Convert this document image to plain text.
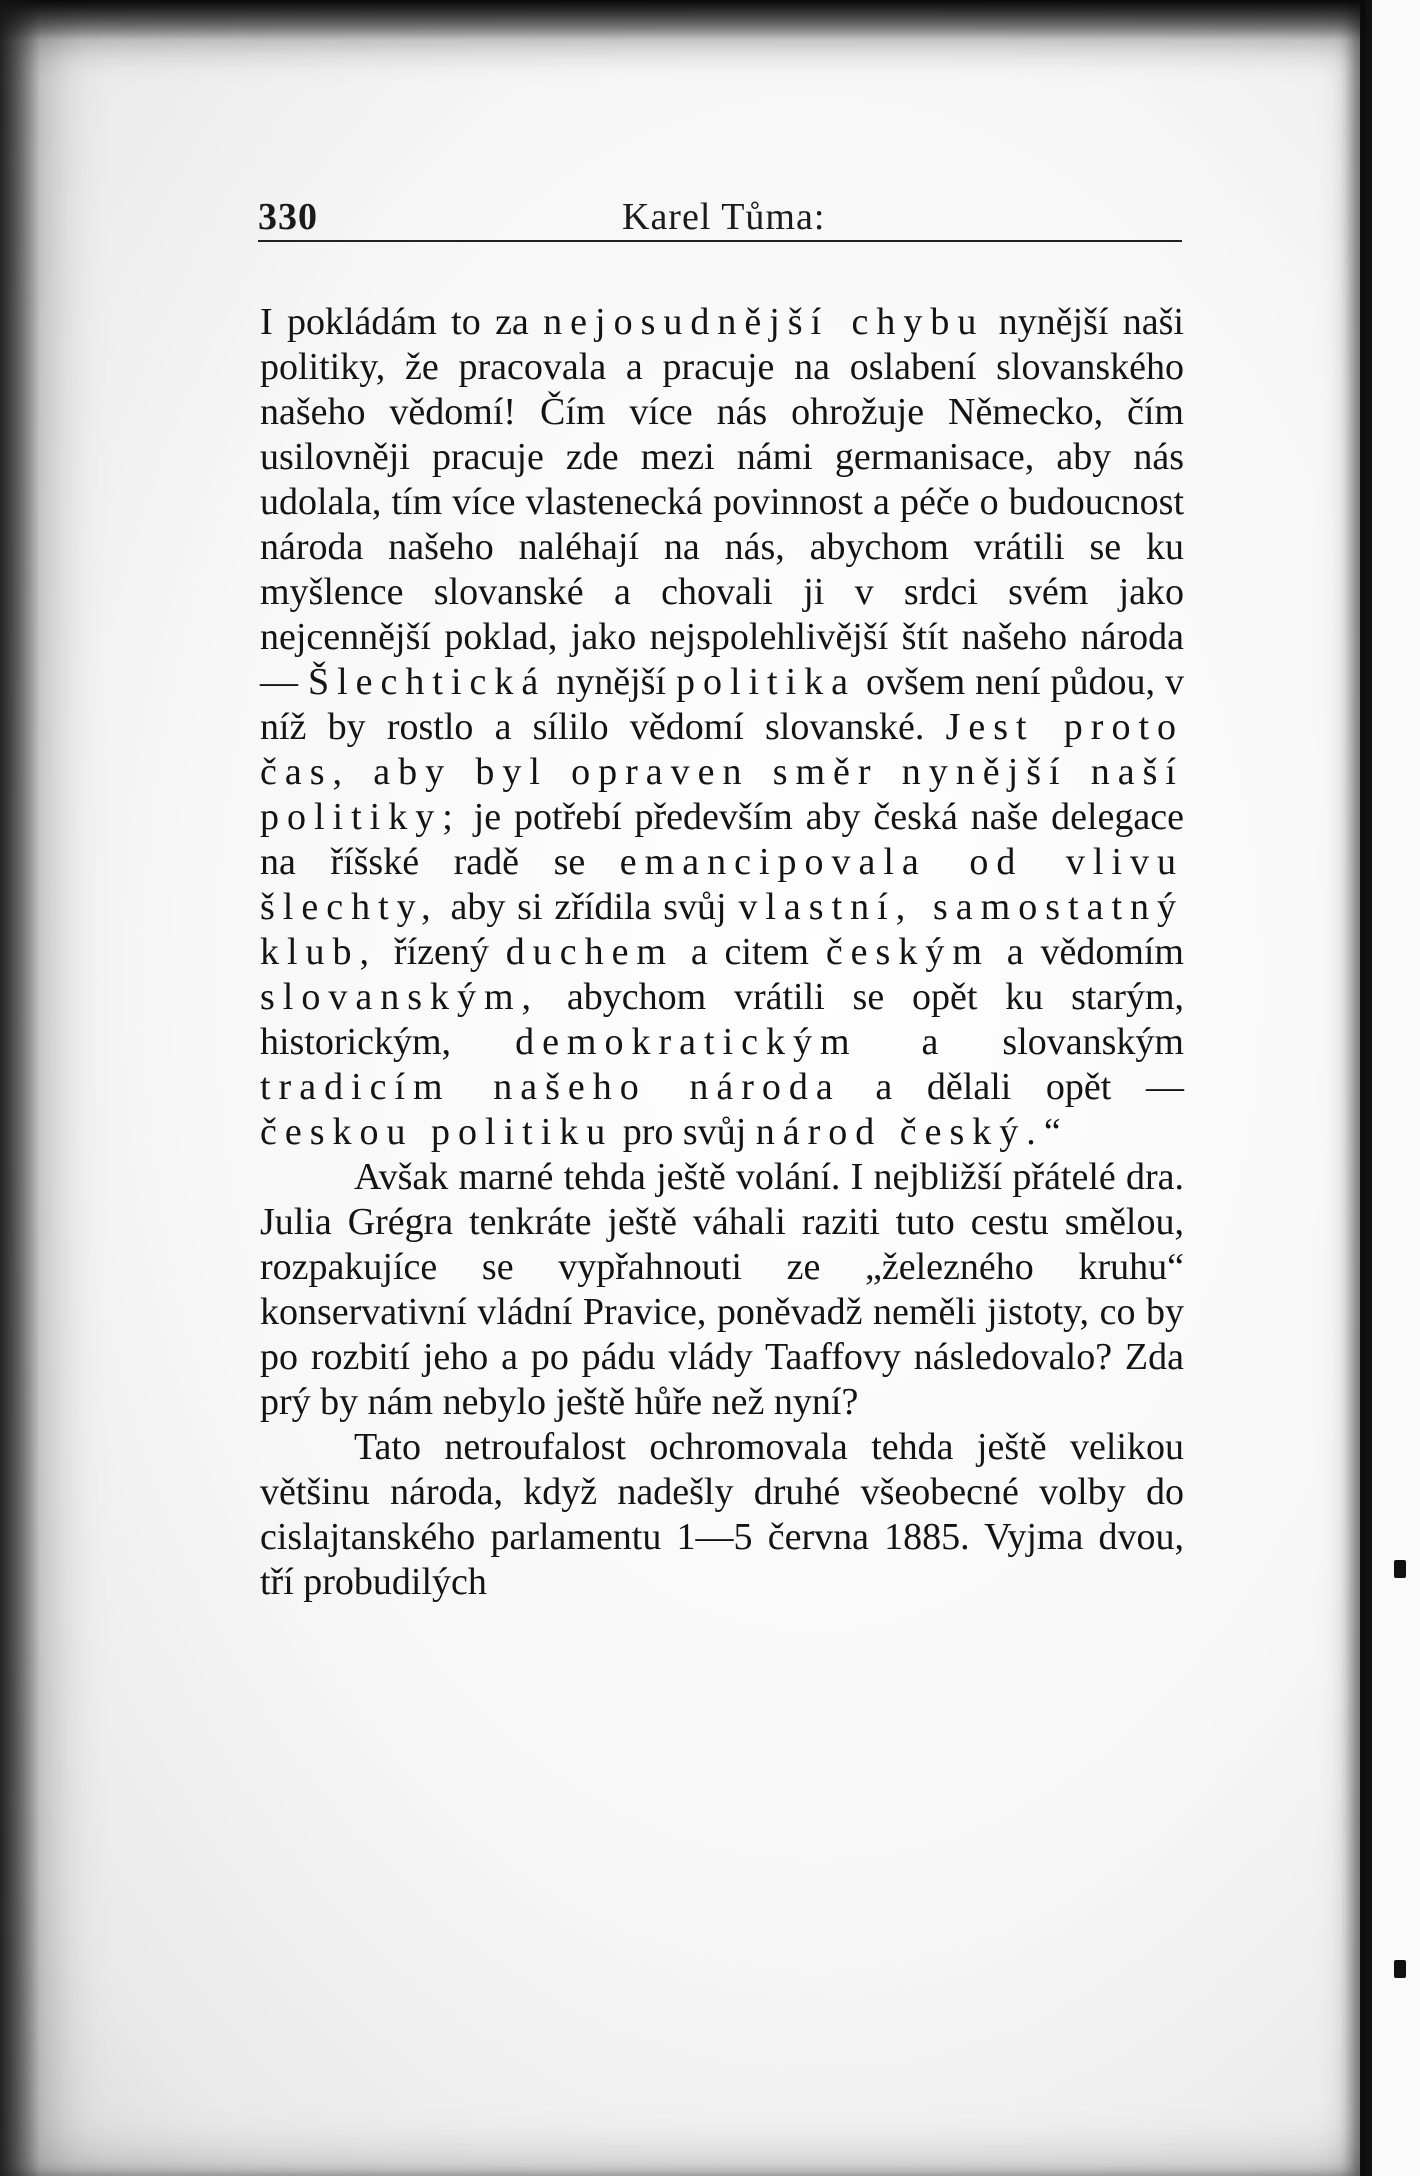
330	Karel Tůma:

I pokládám to za nejosudnější chybu nynější naši politiky, že pracovala a pracuje na oslabení slovanského našeho vědomí! Čím více nás ohrožuje Německo, čím usilovněji pracuje zde mezi námi germanisace, aby nás udolala, tím více vlastenecká povinnost a péče o budoucnost národa našeho naléhají na nás, abychom vrátili se ku myšlence slovanské a chovali ji v srdci svém jako nejcennější poklad, jako nejspolehlivější štít našeho národa — Šlechtická nynější politika ovšem není půdou, v níž by rostlo a sílilo vědomí slovanské. Jest proto čas, aby byl opraven směr nynější naší politiky; je potřebí především aby česká naše delegace na říšské radě se emancipovala od vlivu šlechty, aby si zřídila svůj vlastní, samostatný klub, řízený duchem a citem českým a vědomím slovanským, abychom vrátili se opět ku starým, historickým, demokratickým a slovanským tradicím našeho národa a dělali opět — českou politiku pro svůj národ český.“

Avšak marné tehda ještě volání. I nejbližší přátelé dra. Julia Grégra tenkráte ještě váhali raziti tuto cestu smělou, rozpakujíce se vypřahnouti ze „železného kruhu“ konservativní vládní Pravice, poněvadž neměli jistoty, co by po rozbití jeho a po pádu vlády Taaffovy následovalo? Zda prý by nám nebylo ještě hůře než nyní?

Tato netroufalost ochromovala tehda ještě velikou většinu národa, když nadešly druhé všeobecné volby do cislajtanského parlamentu 1—5 června 1885. Vyjma dvou, tří probudilých
